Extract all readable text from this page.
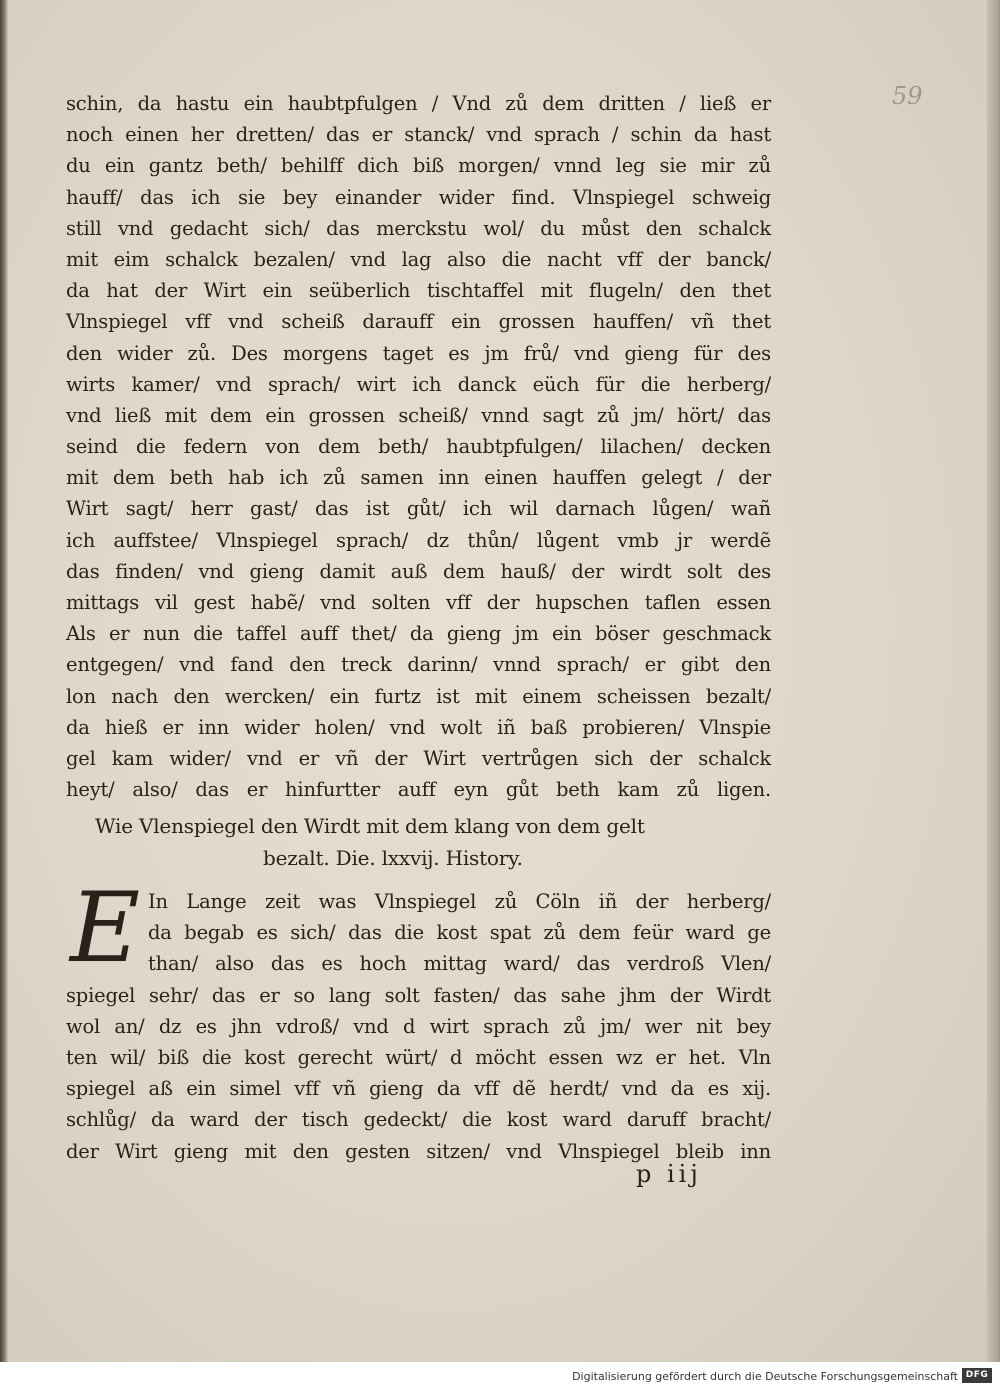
59
schin, da hastu ein haubtpfulgen / Vnd zů dem dritten / ließ er
noch einen her dretten/ das er stanck/ vnd sprach / schin da hast
du ein gantz beth/ behilff dich biß morgen/ vnnd leg sie mir zů
hauff/ das ich sie bey einander wider find. Vlnspiegel schweig
still vnd gedacht sich/ das merckstu wol/ du můst den schalck
mit eim schalck bezalen/ vnd lag also die nacht vff der banck/
da hat der Wirt ein seüberlich tischtaffel mit flugeln/ den thet
Vlnspiegel vff vnd scheiß darauff ein grossen hauffen/ vñ thet
den wider zů. Des morgens taget es jm frů/ vnd gieng für des
wirts kamer/ vnd sprach/ wirt ich danck eüch für die herberg/
vnd ließ mit dem ein grossen scheiß/ vnnd sagt zů jm/ hört/ das
seind die federn von dem beth/ haubtpfulgen/ lilachen/ decken
mit dem beth hab ich zů samen inn einen hauffen gelegt / der
Wirt sagt/ herr gast/ das ist gůt/ ich wil darnach lůgen/ wañ
ich auffstee/ Vlnspiegel sprach/ dz thůn/ lůgent vmb jr werdẽ
das finden/ vnd gieng damit auß dem hauß/ der wirdt solt des
mittags vil gest habẽ/ vnd solten vff der hupschen taflen essen
Als er nun die taffel auff thet/ da gieng jm ein böser geschmack
entgegen/ vnd fand den treck darinn/ vnnd sprach/ er gibt den
lon nach den wercken/ ein furtz ist mit einem scheissen bezalt/
da hieß er inn wider holen/ vnd wolt iñ baß probieren/ Vlnspie
gel kam wider/ vnd er vñ der Wirt vertrůgen sich der schalck
heyt/ also/ das er hinfurtter auff eyn gůt beth kam zů ligen.
Wie Vlenspiegel den Wirdt mit dem klang von dem gelt
bezalt. Die. lxxvij. History.
E In Lange zeit was Vlnspiegel zů Cöln iñ der herberg/
da begab es sich/ das die kost spat zů dem feür ward ge
than/ also das es hoch mittag ward/ das verdroß Vlen/
spiegel sehr/ das er so lang solt fasten/ das sahe jhm der Wirdt
wol an/ dz es jhn vdroß/ vnd d wirt sprach zů jm/ wer nit bey
ten wil/ biß die kost gerecht würt/ d möcht essen wz er het. Vln
spiegel aß ein simel vff vñ gieng da vff dẽ herdt/ vnd da es xij.
schlůg/ da ward der tisch gedeckt/ die kost ward daruff bracht/
der Wirt gieng mit den gesten sitzen/ vnd Vlnspiegel bleib inn
p iij
Digitalisierung gefördert durch die Deutsche Forschungsgemeinschaft DFG
